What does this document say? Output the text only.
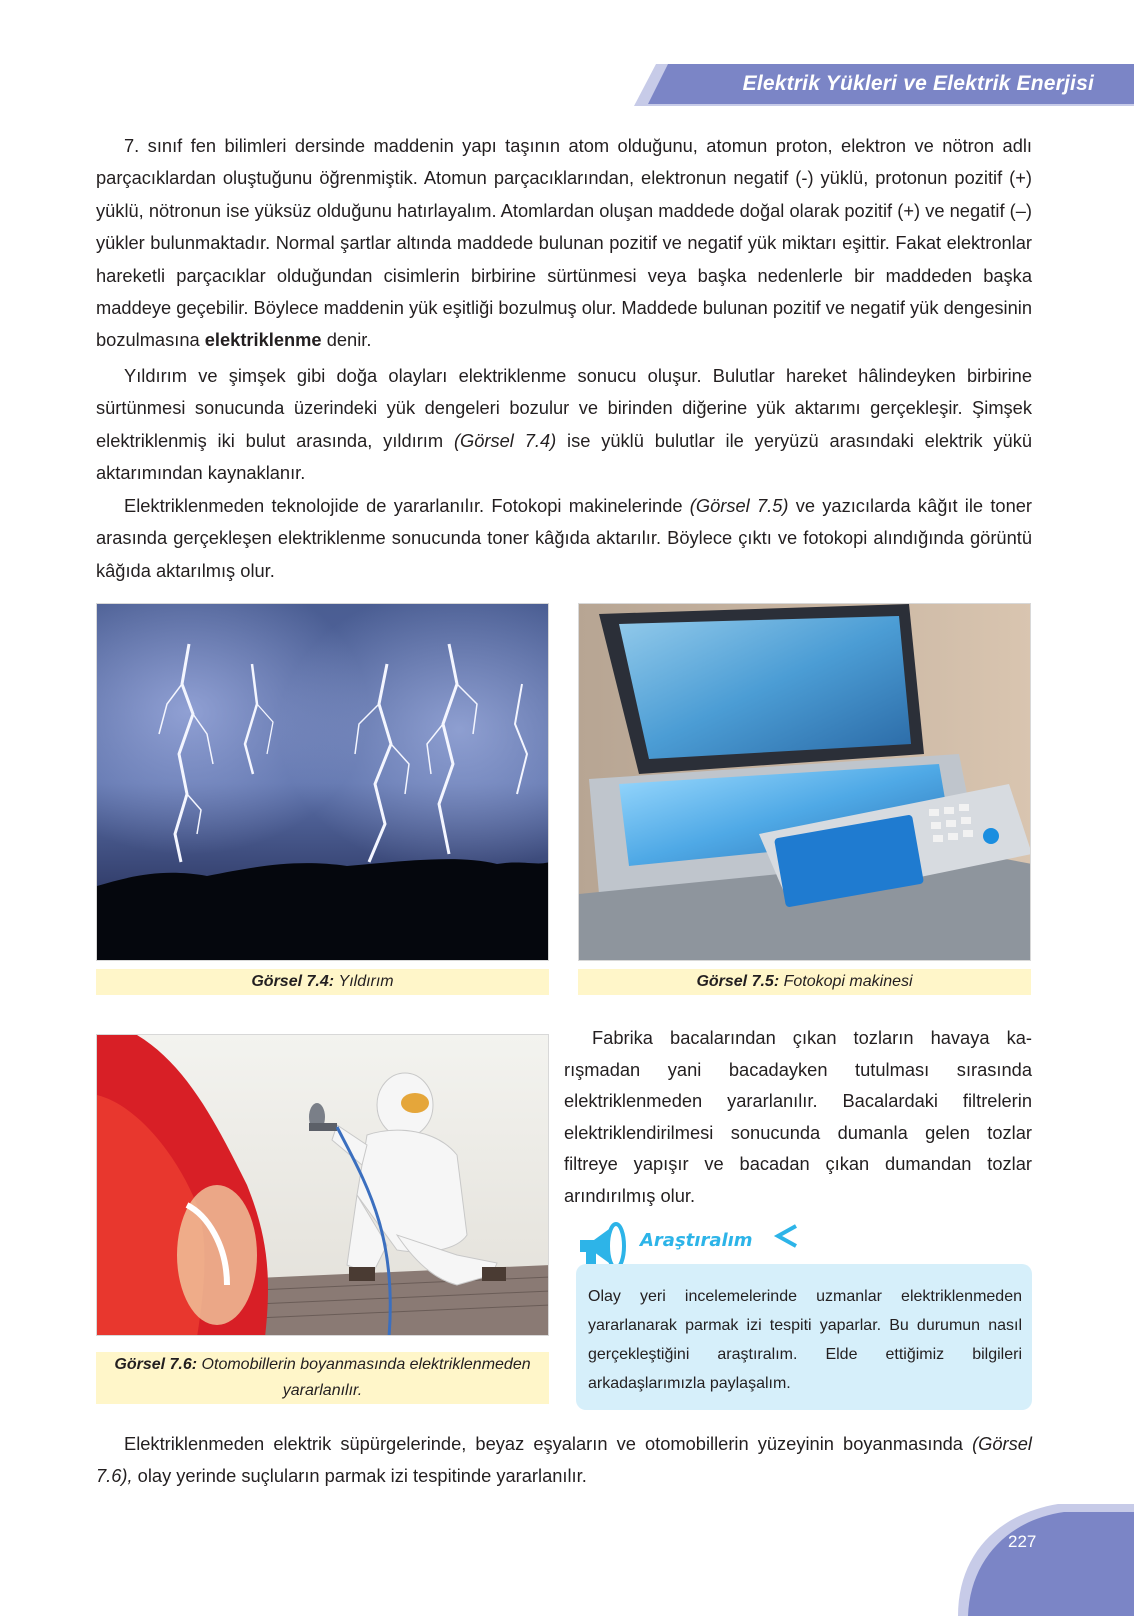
Elektrik Yükleri ve Elektrik Enerjisi

7. sınıf fen bilimleri dersinde maddenin yapı taşının atom olduğunu, atomun proton, elektron ve nötron adlı parçacıklardan oluştuğunu öğrenmiştik. Atomun parçacıklarından, elektronun negatif (-) yüklü, protonun pozitif (+) yüklü, nötronun ise yüksüz olduğunu hatırlayalım. Atomlardan oluşan maddede doğal olarak pozitif (+) ve negatif (–) yükler bulunmaktadır. Normal şartlar altında maddede bulunan pozitif ve negatif yük miktarı eşittir. Fakat elektronlar hareketli parçacıklar olduğundan cisimlerin birbirine sürtünmesi veya başka nedenlerle bir maddeden başka maddeye geçebilir. Böylece maddenin yük eşitliği bozulmuş olur. Maddede bulunan pozitif ve negatif yük dengesinin bozulmasına elektriklenme denir.

Yıldırım ve şimşek gibi doğa olayları elektriklenme sonucu oluşur. Bulutlar hareket hâlindeyken birbirine sürtünmesi sonucunda üzerindeki yük dengeleri bozulur ve birinden diğerine yük aktarımı gerçekleşir. Şimşek elektriklenmiş iki bulut arasında, yıldırım (Görsel 7.4) ise yüklü bulutlar ile yeryüzü arasındaki elektrik yükü aktarımından kaynaklanır.

Elektriklenmeden teknolojide de yararlanılır. Fotokopi makinelerinde (Görsel 7.5) ve yazıcılarda kâğıt ile toner arasında gerçekleşen elektriklenme sonucunda toner kâğıda aktarılır. Böylece çıktı ve fotokopi alındığında görüntü kâğıda aktarılmış olur.

Görsel 7.4: Yıldırım	Görsel 7.5: Fotokopi makinesi
Görsel 7.6: Otomobillerin boyanmasında elektriklenmeden yararlanılır.

Fabrika bacalarından çıkan tozların havaya karışmadan yani bacadayken tutulması sırasında elektriklenmeden yararlanılır. Bacalardaki filtrelerin elektriklendirilmesi sonucunda dumanla gelen tozlar filtreye yapışır ve bacadan çıkan dumandan tozlar arındırılmış olur.

Araştıralım
Olay yeri incelemelerinde uzmanlar elektriklenmeden yararlanarak parmak izi tespiti yaparlar. Bu durumun nasıl gerçekleştiğini araştıralım. Elde ettiğimiz bilgileri arkadaşlarımızla paylaşalım.

Elektriklenmeden elektrik süpürgelerinde, beyaz eşyaların ve otomobillerin yüzeyinin boyanmasında (Görsel 7.6), olay yerinde suçluların parmak izi tespitinde yararlanılır.

227
